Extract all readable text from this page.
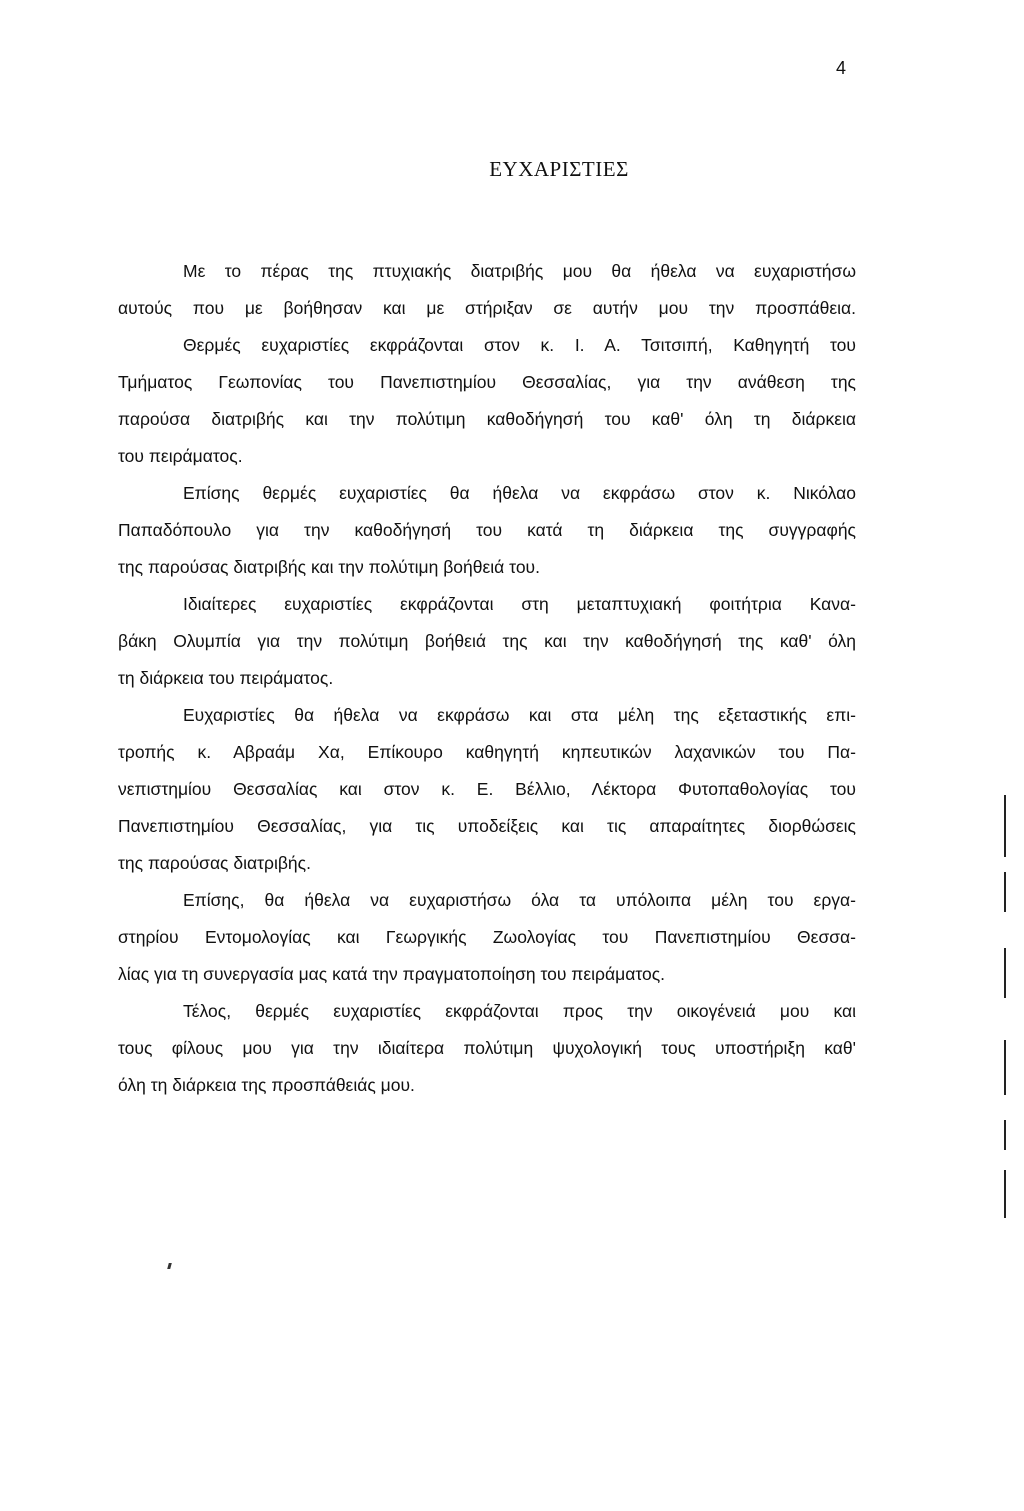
4
ΕΥΧΑΡΙΣΤΙΕΣ
Με το πέρας της πτυχιακής διατριβής μου θα ήθελα να ευχαριστήσω
αυτούς που με βοήθησαν και με στήριξαν σε αυτήν μου την προσπάθεια.
Θερμές ευχαριστίες εκφράζονται στον κ. Ι. Α. Τσιτσιπή, Καθηγητή του
Τμήματος Γεωπονίας του Πανεπιστημίου Θεσσαλίας, για την ανάθεση της
παρούσα διατριβής και την πολύτιμη καθοδήγησή του καθ' όλη τη διάρκεια
του πειράματος.
Επίσης θερμές ευχαριστίες θα ήθελα να εκφράσω στον κ. Νικόλαο
Παπαδόπουλο για την καθοδήγησή του κατά τη διάρκεια της συγγραφής
της παρούσας διατριβής και την πολύτιμη βοήθειά του.
Ιδιαίτερες ευχαριστίες εκφράζονται στη μεταπτυχιακή φοιτήτρια Κανα-
βάκη Ολυμπία για την πολύτιμη βοήθειά της και την καθοδήγησή της καθ' όλη
τη διάρκεια του πειράματος.
Ευχαριστίες θα ήθελα να εκφράσω και στα μέλη της εξεταστικής επι-
τροπής κ. Αβραάμ Χα, Επίκουρο καθηγητή κηπευτικών λαχανικών του Πα-
νεπιστημίου Θεσσαλίας και στον κ. Ε. Βέλλιο, Λέκτορα Φυτοπαθολογίας του
Πανεπιστημίου Θεσσαλίας, για τις υποδείξεις και τις απαραίτητες διορθώσεις
της παρούσας διατριβής.
Επίσης, θα ήθελα να ευχαριστήσω όλα τα υπόλοιπα μέλη του εργα-
στηρίου Εντομολογίας και Γεωργικής Ζωολογίας του Πανεπιστημίου Θεσσα-
λίας για τη συνεργασία μας κατά την πραγματοποίηση του πειράματος.
Τέλος, θερμές ευχαριστίες εκφράζονται προς την οικογένειά μου και
τους φίλους μου για την ιδιαίτερα πολύτιμη ψυχολογική τους υποστήριξη καθ'
όλη τη διάρκεια της προσπάθειάς μου.
